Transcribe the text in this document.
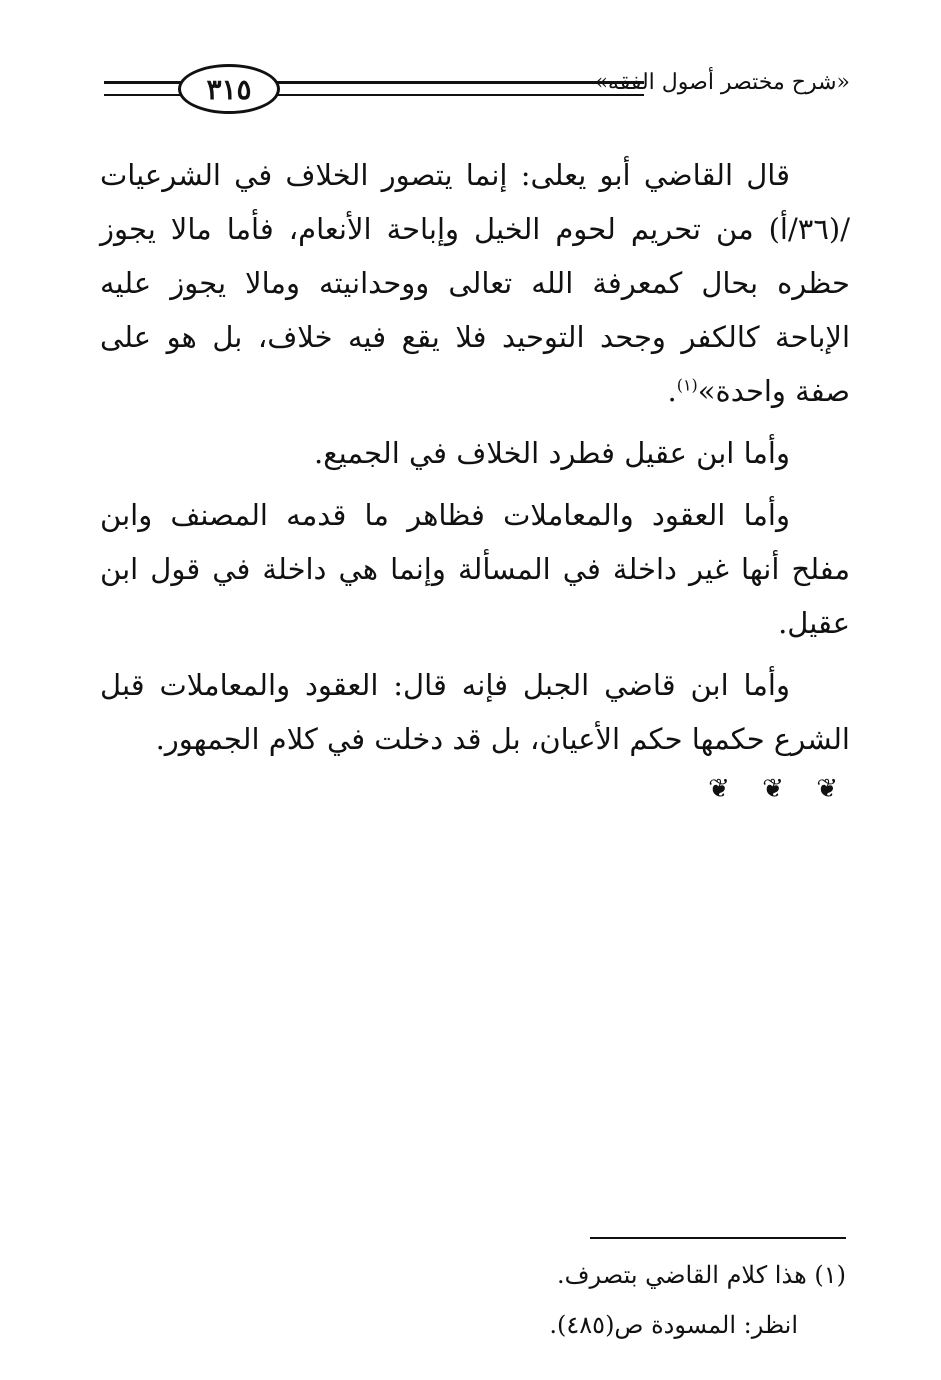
٣١٥	«شرح مختصر أصول الفقه»

قال القاضي أبو يعلى: إنما يتصور الخلاف في الشرعيات /(٣٦/أ) من تحريم لحوم الخيل وإباحة الأنعام، فأما مالا يجوز حظره بحال كمعرفة الله تعالى ووحدانيته ومالا يجوز عليه الإباحة كالكفر وجحد التوحيد فلا يقع فيه خلاف، بل هو على صفة واحدة»$^{(١)}$.

وأما ابن عقيل فطرد الخلاف في الجميع.

وأما العقود والمعاملات فظاهر ما قدمه المصنف وابن مفلح أنها غير داخلة في المسألة وإنما هي داخلة في قول ابن عقيل.

وأما ابن قاضي الجبل فإنه قال: العقود والمعاملات قبل الشرع حكمها حكم الأعيان، بل قد دخلت في كلام الجمهور.

❦ ❦ ❦

(١) هذا كلام القاضي بتصرف.

انظر: المسودة ص(٤٨٥).
